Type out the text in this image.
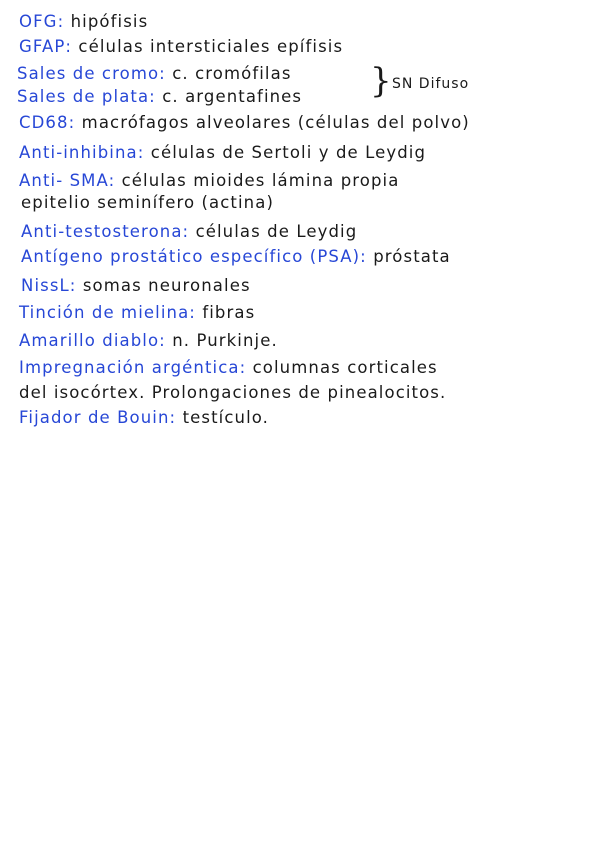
OFG: hipófisis
GFAP: células intersticiales epífisis
Sales de cromo: c. cromófilas
Sales de plata: c. argentafines } SN Difuso
CD68: macrófagos alveolares (células del polvo)
Anti-inhibina: células de Sertoli y de Leydig
Anti- SMA: células mioides lámina propia
epitelio seminífero (actina)
Anti-testosterona: células de Leydig
Antígeno prostático específico (PSA): próstata
NissL: somas neuronales
Tinción de mielina: fibras
Amarillo diablo: n. Purkinje.
Impregnación argéntica: columnas corticales
del isocórtex. Prolongaciones de pinealocitos.
Fijador de Bouin: testículo.
